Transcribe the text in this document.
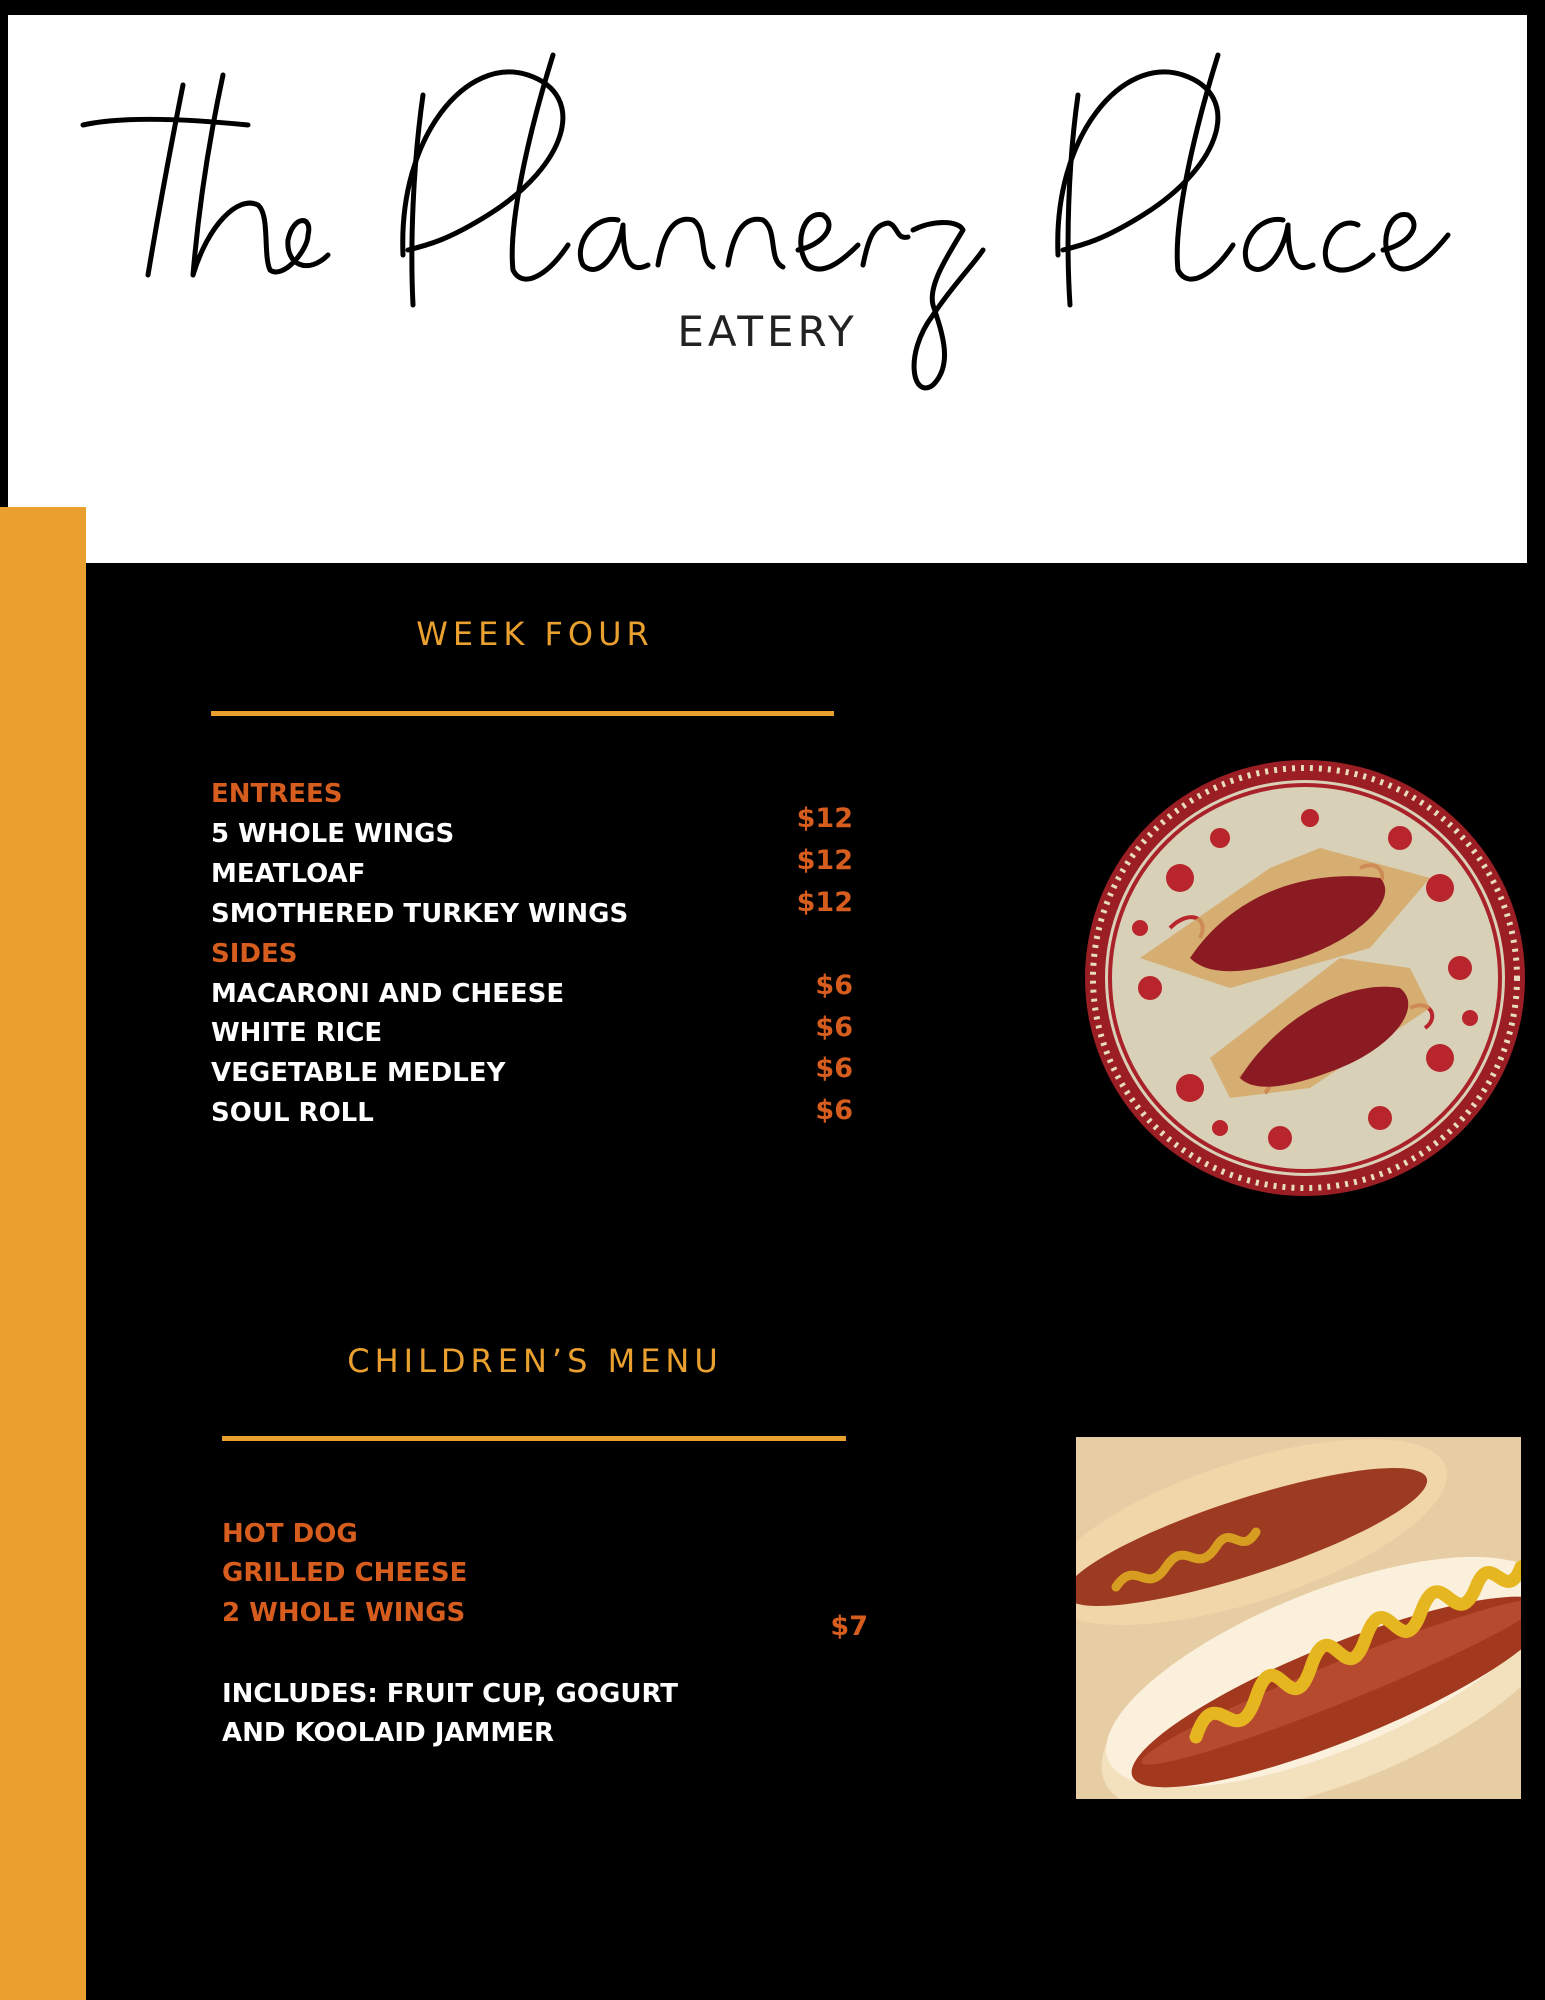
EATERY
WEEK FOUR
ENTREES
5 WHOLE WINGS
MEATLOAF
SMOTHERED TURKEY WINGS
$12
$12
$12
SIDES
MACARONI AND CHEESE
WHITE RICE
VEGETABLE MEDLEY
SOUL ROLL
$6
$6
$6
$6
CHILDREN’S MENU
HOT DOG
GRILLED CHEESE
2 WHOLE WINGS	$7
INCLUDES: FRUIT CUP, GOGURT
AND KOOLAID JAMMER
